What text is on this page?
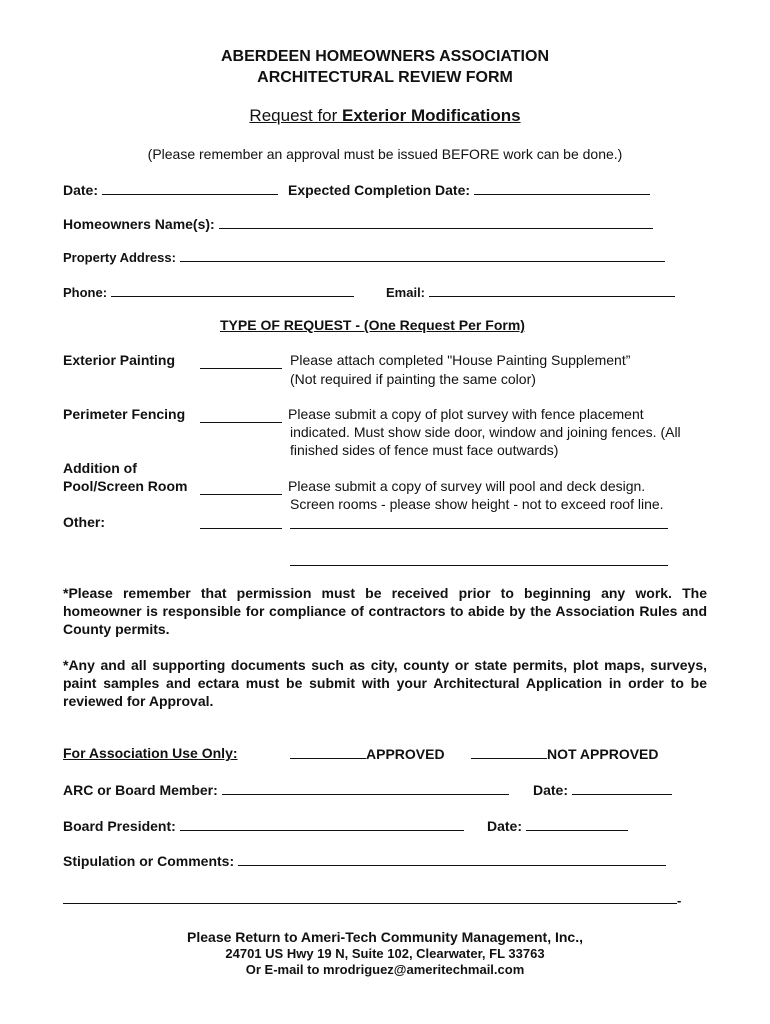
ABERDEEN HOMEOWNERS ASSOCIATION
ARCHITECTURAL REVIEW FORM
Request for Exterior Modifications
(Please remember an approval must be issued BEFORE work can be done.)
Date:	Expected Completion Date:
Homeowners Name(s):
Property Address:
Phone:	Email:
TYPE OF REQUEST - (One Request Per Form)
Exterior Painting	Please attach completed "House Painting Supplement”
(Not required if painting the same color)
Perimeter Fencing	Please submit a copy of plot survey with fence placement
indicated. Must show side door, window and joining fences. (All
finished sides of fence must face outwards)
Addition of
Pool/Screen Room	Please submit a copy of survey will pool and deck design.
Screen rooms - please show height - not to exceed roof line.
Other:
*Please remember that permission must be received prior to beginning any work. The homeowner is responsible for compliance of contractors to abide by the Association Rules and County permits.
*Any and all supporting documents such as city, county or state permits, plot maps, surveys, paint samples and ectara must be submit with your Architectural Application in order to be reviewed for Approval.
For Association Use Only:	APPROVED	NOT APPROVED
ARC or Board Member:	Date:
Board President:	Date:
Stipulation or Comments:
-
Please Return to Ameri-Tech Community Management, Inc.,
24701 US Hwy 19 N, Suite 102, Clearwater, FL 33763
Or E-mail to mrodriguez@ameritechmail.com
